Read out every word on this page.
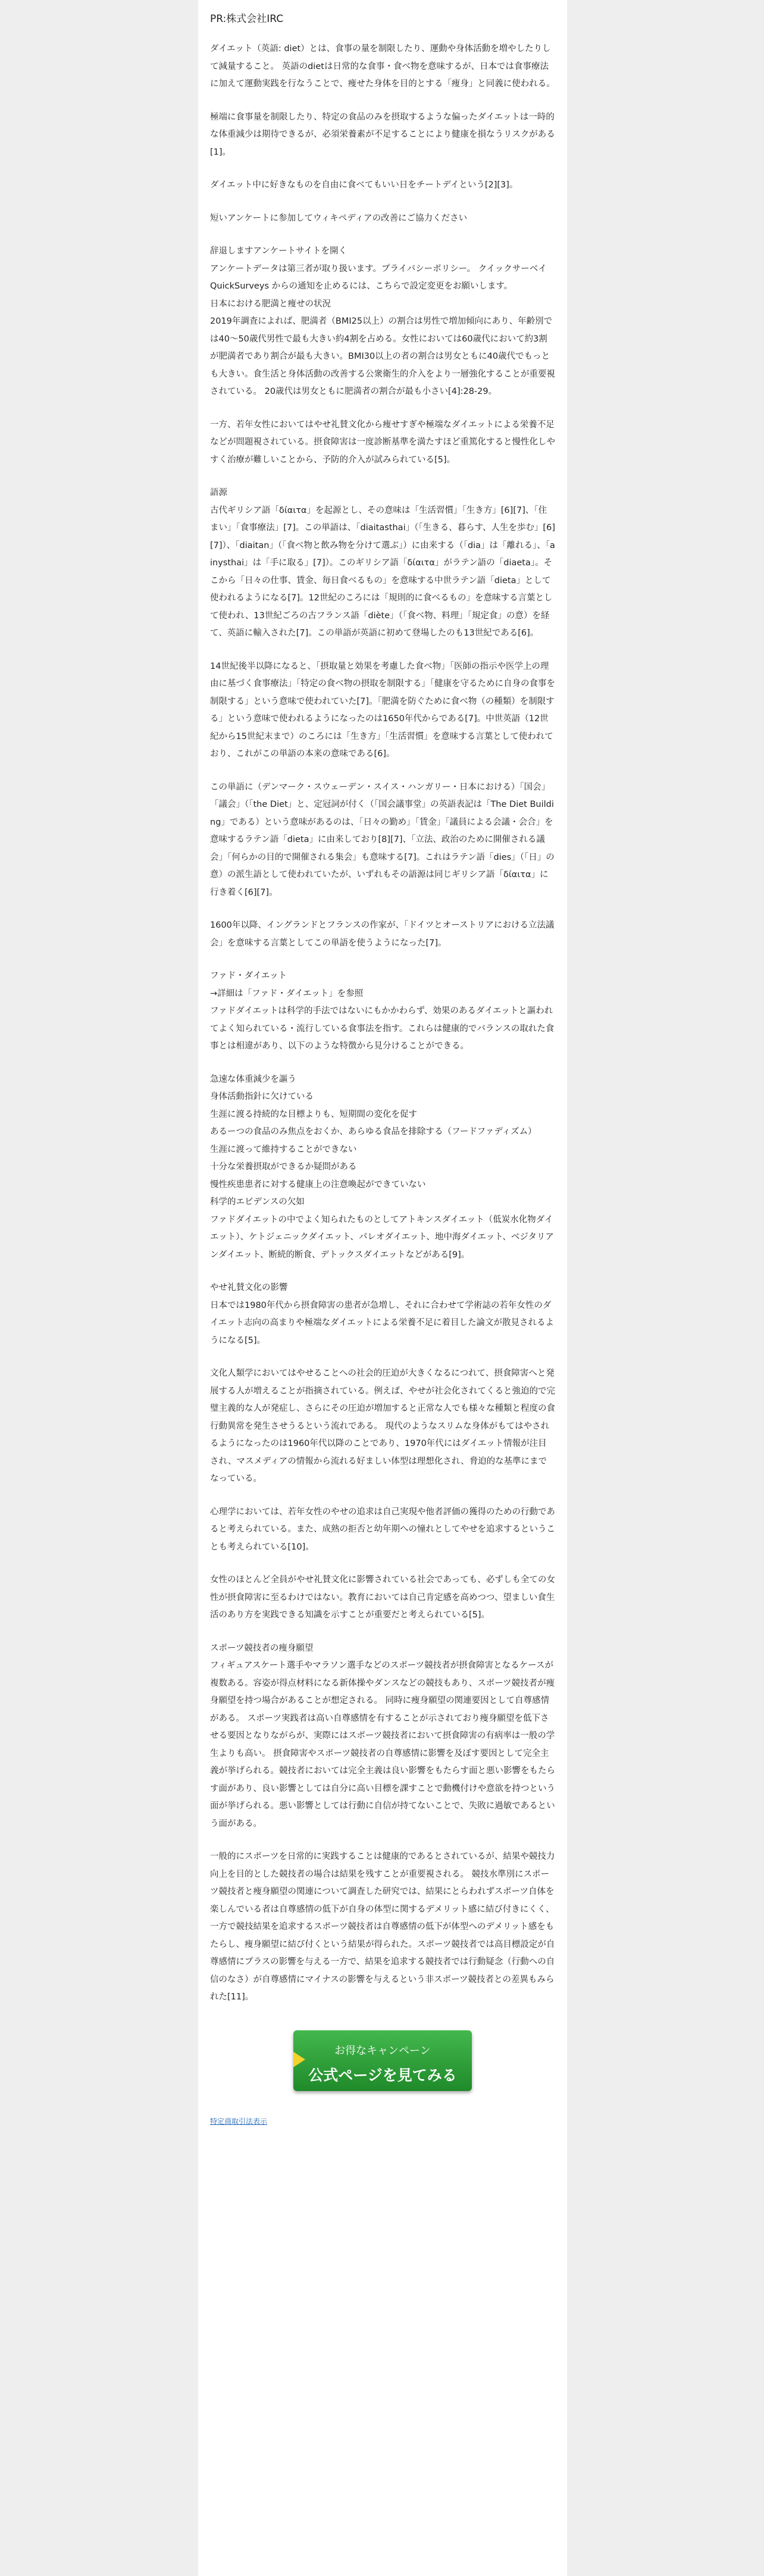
PR:株式会社IRC
ダイエット（英語: diet）とは、食事の量を制限したり、運動や身体活動を増やしたりして減量すること。 英語のdietは日常的な食事・食べ物を意味するが、日本では食事療法に加えて運動実践を行なうことで、痩せた身体を目的とする「痩身」と同義に使われる。
極端に食事量を制限したり、特定の食品のみを摂取するような偏ったダイエットは一時的な体重減少は期待できるが、必須栄養素が不足することにより健康を損なうリスクがある[1]。
ダイエット中に好きなものを自由に食べてもいい日をチートデイという[2][3]。
短いアンケートに参加してウィキペディアの改善にご協力ください
辞退しますアンケートサイトを開く
アンケートデータは第三者が取り扱います。プライバシーポリシー。 クイックサーベイ QuickSurveys からの通知を止めるには、こちらで設定変更をお願いします。
日本における肥満と痩せの状況
2019年調査によれば、肥満者（BMI25以上）の割合は男性で増加傾向にあり、年齢別では40〜50歳代男性で最も大きい約4割を占める。女性においては60歳代において約3割が肥満者であり割合が最も大きい。BMI30以上の者の割合は男女ともに40歳代でもっとも大きい。食生活と身体活動の改善する公衆衛生的介入をより一層強化することが重要視されている。 20歳代は男女ともに肥満者の割合が最も小さい[4]:28-29。
一方、若年女性においてはやせ礼賛文化から痩せすぎや極端なダイエットによる栄養不足などが問題視されている。摂食障害は一度診断基準を満たすほど重篤化すると慢性化しやすく治療が難しいことから、予防的介入が試みられている[5]。
語源
古代ギリシア語「δίαιτα」を起源とし、その意味は「生活習慣」「生き方」[6][7]、「住まい」「食事療法」[7]。この単語は、「diaitasthai」（「生きる、暮らす、人生を歩む」[6][7]）、「diaitan」（「食べ物と飲み物を分けて選ぶ」）に由来する（「dia」は「離れる」、「ainysthai」は「手に取る」[7]）。このギリシア語「δίαιτα」がラテン語の「diaeta」。そこから「日々の仕事、賃金、毎日食べるもの」を意味する中世ラテン語「dieta」として使われるようになる[7]。12世紀のころには「規則的に食べるもの」を意味する言葉として使われ、13世紀ごろの古フランス語「diète」（「食べ物、料理」「規定食」の意）を経て、英語に輸入された[7]。この単語が英語に初めて登場したのも13世紀である[6]。
14世紀後半以降になると、「摂取量と効果を考慮した食べ物」「医師の指示や医学上の理由に基づく食事療法」「特定の食べ物の摂取を制限する」「健康を守るために自身の食事を制限する」という意味で使われていた[7]。「肥満を防ぐために食べ物（の種類）を制限する」という意味で使われるようになったのは1650年代からである[7]。中世英語（12世紀から15世紀末まで）のころには「生き方」「生活習慣」を意味する言葉として使われており、これがこの単語の本来の意味である[6]。
この単語に（デンマーク・スウェーデン・スイス・ハンガリー・日本における）「国会」「議会」（「the Diet」と、定冠詞が付く（「国会議事堂」の英語表記は「The Diet Building」である）という意味があるのは、「日々の勤め」「賃金」「議員による会議・会合」を意味するラテン語「dieta」に由来しており[8][7]、「立法、政治のために開催される議会」「何らかの目的で開催される集会」も意味する[7]。これはラテン語「dies」（「日」の意）の派生語として使われていたが、いずれもその語源は同じギリシア語「δίαιτα」に行き着く[6][7]。
1600年以降、イングランドとフランスの作家が、「ドイツとオーストリアにおける立法議会」を意味する言葉としてこの単語を使うようになった[7]。
ファド・ダイエット
→詳細は「ファド・ダイエット」を参照
ファドダイエットは科学的手法ではないにもかかわらず、効果のあるダイエットと謳われてよく知られている・流行している食事法を指す。これらは健康的でバランスの取れた食事とは相違があり、以下のような特徴から見分けることができる。
急速な体重減少を謳う
身体活動指針に欠けている
生涯に渡る持続的な目標よりも、短期間の変化を促す
あるーつの食品のみ焦点をおくか、あらゆる食品を排除する（フードファディズム）
生涯に渡って維持することができない
十分な栄養摂取ができるか疑問がある
慢性疾患患者に対する健康上の注意喚起ができていない
科学的エビデンスの欠如
ファドダイエットの中でよく知られたものとしてアトキンスダイエット（低炭水化物ダイエット）、ケトジェニックダイエット、パレオダイエット、地中海ダイエット、ベジタリアンダイエット、断続的断食、デトックスダイエットなどがある[9]。
やせ礼賛文化の影響
日本では1980年代から摂食障害の患者が急増し、それに合わせて学術誌の若年女性のダイエット志向の高まりや極端なダイエットによる栄養不足に着目した論文が散見されるようになる[5]。
文化人類学においてはやせることへの社会的圧迫が大きくなるにつれて、摂食障害へと発展する人が増えることが指摘されている。例えば、やせが社会化されてくると強迫的で完璧主義的な人が発症し、さらにその圧迫が増加すると正常な人でも様々な種類と程度の食行動異常を発生させうるという流れである。 現代のようなスリムな身体がもてはやされるようになったのは1960年代以降のことであり、1970年代にはダイエット情報が注目され、マスメディアの情報から流れる好ましい体型は理想化され、脅迫的な基準にまでなっている。
心理学においては、若年女性のやせの追求は自己実現や他者評価の獲得のための行動であると考えられている。また、成熟の拒否と幼年期への憧れとしてやせを追求するということも考えられている[10]。
女性のほとんど全員がやせ礼賛文化に影響されている社会であっても、必ずしも全ての女性が摂食障害に至るわけではない。教育においては自己肯定感を高めつつ、望ましい食生活のあり方を実践できる知識を示すことが重要だと考えられている[5]。
スポーツ競技者の痩身願望
フィギュアスケート選手やマラソン選手などのスポーツ競技者が摂食障害となるケースが複数ある。容姿が得点材料になる新体操やダンスなどの競技もあり、スポーツ競技者が痩身願望を持つ場合があることが想定される。 同時に痩身願望の関連要因として自尊感情がある。 スポーツ実践者は高い自尊感情を有することが示されており痩身願望を低下させる要因となりながらが、実際にはスポーツ競技者において摂食障害の有病率は一般の学生よりも高い。 摂食障害やスポーツ競技者の自尊感情に影響を及ぼす要因として完全主義が挙げられる。競技者においては完全主義は良い影響をもたらす面と悪い影響をもたらす面があり、良い影響としては自分に高い目標を課すことで動機付けや意欲を持つという面が挙げられる。悪い影響としては行動に自信が持てないことで、失敗に過敏であるという面がある。
一般的にスポーツを日常的に実践することは健康的であるとされているが、結果や競技力向上を目的とした競技者の場合は結果を残すことが重要視される。 競技水準別にスポーツ競技者と痩身願望の関連について調査した研究では、結果にとらわれずスポーツ自体を楽しんでいる者は自尊感情の低下が自身の体型に関するデメリット感に結び付きにくく、一方で競技結果を追求するスポーツ競技者は自尊感情の低下が体型へのデメリット感をもたらし、痩身願望に結び付くという結果が得られた。スポーツ競技者では高目標設定が自尊感情にプラスの影響を与える一方で、結果を追求する競技者では行動疑念（行動への自信のなさ）が自尊感情にマイナスの影響を与えるという非スポーツ競技者との差異もみられた[11]。
お得なキャンペーン
公式ページを見てみる
特定商取引法表示
